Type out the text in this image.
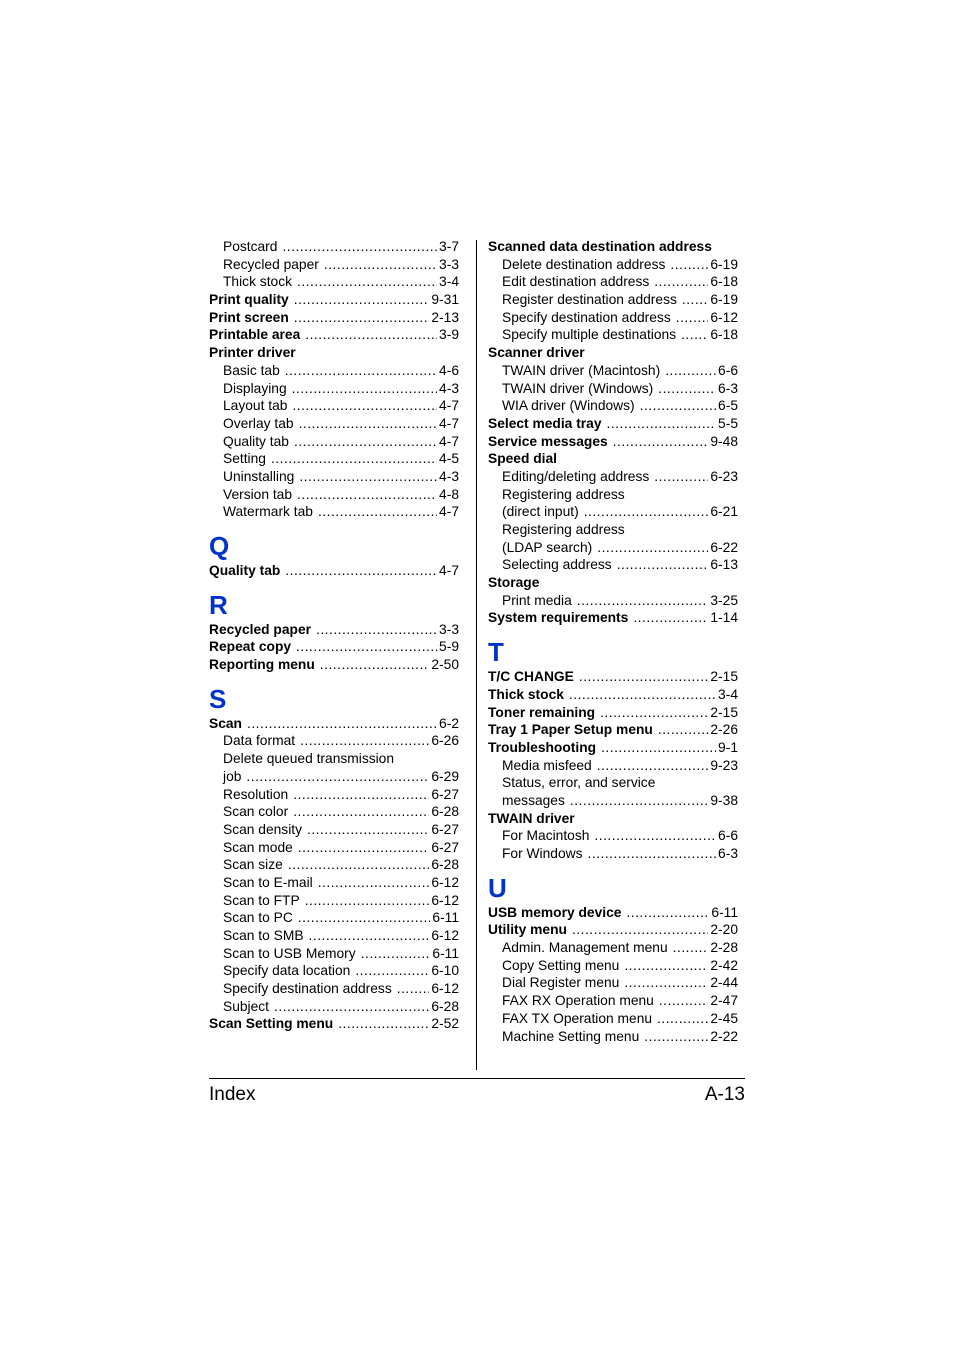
Postcard .....	3-7
Recycled paper .....	3-3
Thick stock .....	3-4
Print quality .....	9-31
Print screen .....	2-13
Printable area .....	3-9
Printer driver
Basic tab .....	4-6
Displaying .....	4-3
Layout tab .....	4-7
Overlay tab .....	4-7
Quality tab .....	4-7
Setting .....	4-5
Uninstalling .....	4-3
Version tab .....	4-8
Watermark tab .....	4-7
Q
Quality tab .....	4-7
R
Recycled paper .....	3-3
Repeat copy .....	5-9
Reporting menu .....	2-50
S
Scan .....	6-2
Data format .....	6-26
Delete queued transmission
job .....	6-29
Resolution .....	6-27
Scan color .....	6-28
Scan density .....	6-27
Scan mode .....	6-27
Scan size .....	6-28
Scan to E-mail .....	6-12
Scan to FTP .....	6-12
Scan to PC .....	6-11
Scan to SMB .....	6-12
Scan to USB Memory .....	6-11
Specify data location .....	6-10
Specify destination address .....	6-12
Subject .....	6-28
Scan Setting menu .....	2-52
Scanned data destination address
Delete destination address .....	6-19
Edit destination address .....	6-18
Register destination address ..... 6-19
Specify destination address .....	6-12
Specify multiple destinations ..... 6-18
Scanner driver
TWAIN driver (Macintosh) .....	6-6
TWAIN driver (Windows) .....	6-3
WIA driver (Windows) .....	6-5
Select media tray .....	5-5
Service messages .....	9-48
Speed dial
Editing/deleting address .....	6-23
Registering address
(direct input) .....	6-21
Registering address
(LDAP search) .....	6-22
Selecting address .....	6-13
Storage
Print media .....	3-25
System requirements .....	1-14
T
T/C CHANGE .....	2-15
Thick stock .....	3-4
Toner remaining .....	2-15
Tray 1 Paper Setup menu .....	2-26
Troubleshooting .....	9-1
Media misfeed .....	9-23
Status, error, and service
messages .....	9-38
TWAIN driver
For Macintosh .....	6-6
For Windows .....	6-3
U
USB memory device .....	6-11
Utility menu .....	2-20
Admin. Management menu .....	2-28
Copy Setting menu .....	2-42
Dial Register menu .....	2-44
FAX RX Operation menu .....	2-47
FAX TX Operation menu .....	2-45
Machine Setting menu .....	2-22
Index	A-13
